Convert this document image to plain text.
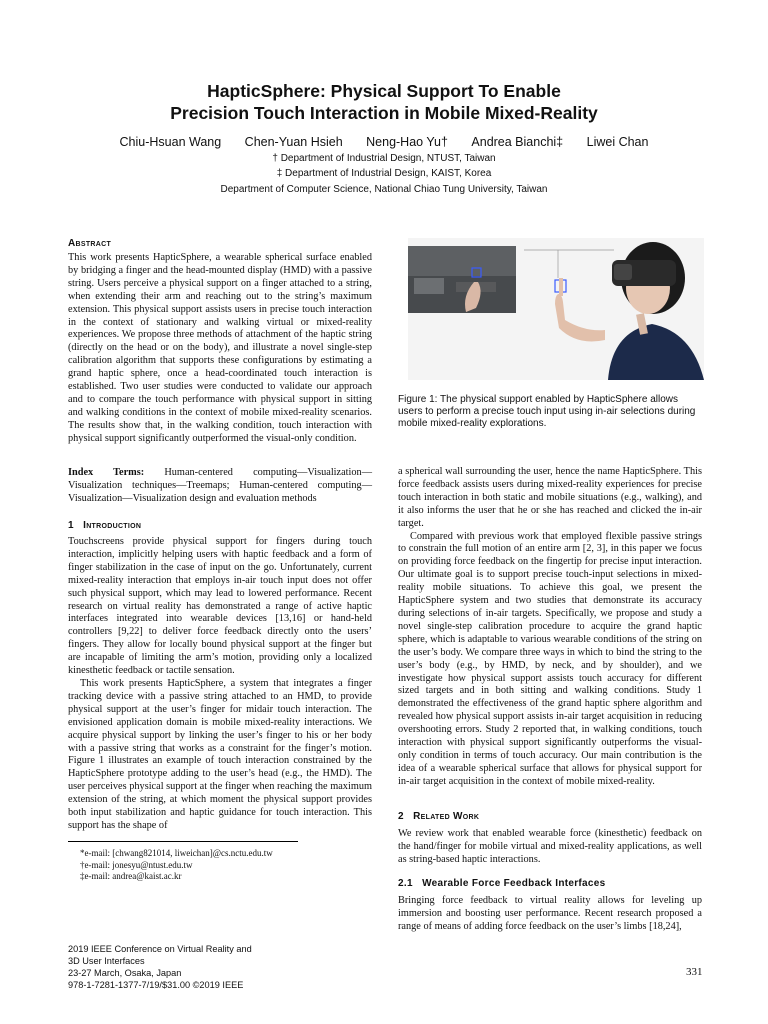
HapticSphere: Physical Support To Enable
Precision Touch Interaction in Mobile Mixed-Reality
Chiu-Hsuan Wang Chen-Yuan Hsieh Neng-Hao Yu† Andrea Bianchi‡ Liwei Chan
† Department of Industrial Design, NTUST, Taiwan
‡ Department of Industrial Design, KAIST, Korea
Department of Computer Science, National Chiao Tung University, Taiwan
Abstract

This work presents HapticSphere, a wearable spherical surface enabled by bridging a finger and the head-mounted display (HMD) with a passive string. Users perceive a physical support on a finger attached to a string, when extending their arm and reaching out to the string’s maximum extension. This physical support assists users in precise touch interaction in the context of stationary and walking virtual or mixed-reality experiences. We propose three methods of attachment of the haptic string (directly on the head or on the body), and illustrate a novel single-step calibration algorithm that supports these configurations by estimating a grand haptic sphere, once a head-coordinated touch interaction is established. Two user studies were conducted to validate our approach and to compare the touch performance with physical support in sitting and walking conditions in the context of mobile mixed-reality scenarios. The results show that, in the walking condition, touch interaction with physical support significantly outperformed the visual-only condition.

Index Terms: Human-centered computing—Visualization—Visualization techniques—Treemaps; Human-centered computing—Visualization—Visualization design and evaluation methods

1 Introduction

Touchscreens provide physical support for fingers during touch interaction, implicitly helping users with haptic feedback and a form of finger stabilization in the case of input on the go. Unfortunately, current mixed-reality interaction that employs in-air touch input does not offer such physical support, which may lead to lowered performance. Recent research on virtual reality has demonstrated a range of active haptic interfaces integrated into wearable devices [13,16] or hand-held controllers [9,22] to deliver force feedback directly onto the users’ fingers. They allow for locally bound physical support at the finger but are incapable of limiting the arm’s motion, providing only a localized kinesthetic feedback or tactile sensation.

This work presents HapticSphere, a system that integrates a finger tracking device with a passive string attached to an HMD, to provide physical support at the user’s finger for midair touch interaction. The envisioned application domain is mobile mixed-reality interactions. We acquire physical support by linking the user’s finger to his or her body with a passive string that works as a constraint for the finger’s motion. Figure 1 illustrates an example of touch interaction constrained by the HapticSphere prototype adding to the user’s head (e.g., the HMD). The user perceives physical support at the finger when reaching the maximum extension of the string, at which moment the physical support provides both input stabilization and haptic guidance for touch interaction. This support has the shape of

*e-mail: [chwang821014, liweichan]@cs.nctu.edu.tw
†e-mail: jonesyu@ntust.edu.tw
‡e-mail: andrea@kaist.ac.kr
2019 IEEE Conference on Virtual Reality and
3D User Interfaces
23-27 March, Osaka, Japan
978-1-7281-1377-7/19/$31.00 ©2019 IEEE
331
Figure 1: The physical support enabled by HapticSphere allows users to perform a precise touch input using in-air selections during mobile mixed-reality explorations.

a spherical wall surrounding the user, hence the name HapticSphere. This force feedback assists users during mixed-reality experiences for precise touch interaction in both static and mobile situations (e.g., walking), and it also informs the user that he or she has reached and clicked the in-air target.

Compared with previous work that employed flexible passive strings to constrain the full motion of an entire arm [2, 3], in this paper we focus on providing force feedback on the fingertip for precise input interaction. Our ultimate goal is to support precise touch-input selections in mixed-reality mobile situations. To achieve this goal, we present the HapticSphere system and two studies that demonstrate its accuracy during selections of in-air targets. Specifically, we propose and study a novel single-step calibration procedure to acquire the grand haptic sphere, which is adaptable to various wearable conditions of the string on the user’s body. We compare three ways in which to bind the string to the user’s body (e.g., by HMD, by neck, and by shoulder), and we investigate how physical support assists touch accuracy for different sized targets and in both sitting and walking conditions. Study 1 demonstrated the effectiveness of the grand haptic sphere algorithm and revealed how physical support assists in-air target acquisition in reducing overshooting errors. Study 2 reported that, in walking conditions, touch interaction with physical support significantly outperforms the visual-only condition in terms of touch accuracy. Our main contribution is the idea of a wearable spherical surface that allows for physical support for in-air target acquisition in the context of mobile mixed-reality.

2 Related Work

We review work that enabled wearable force (kinesthetic) feedback on the hand/finger for mobile virtual and mixed-reality applications, as well as string-based haptic interactions.

2.1 Wearable Force Feedback Interfaces

Bringing force feedback to virtual reality allows for leveling up immersion and boosting user performance. Recent research proposed a range of means of adding force feedback on the user’s limbs [18,24],
